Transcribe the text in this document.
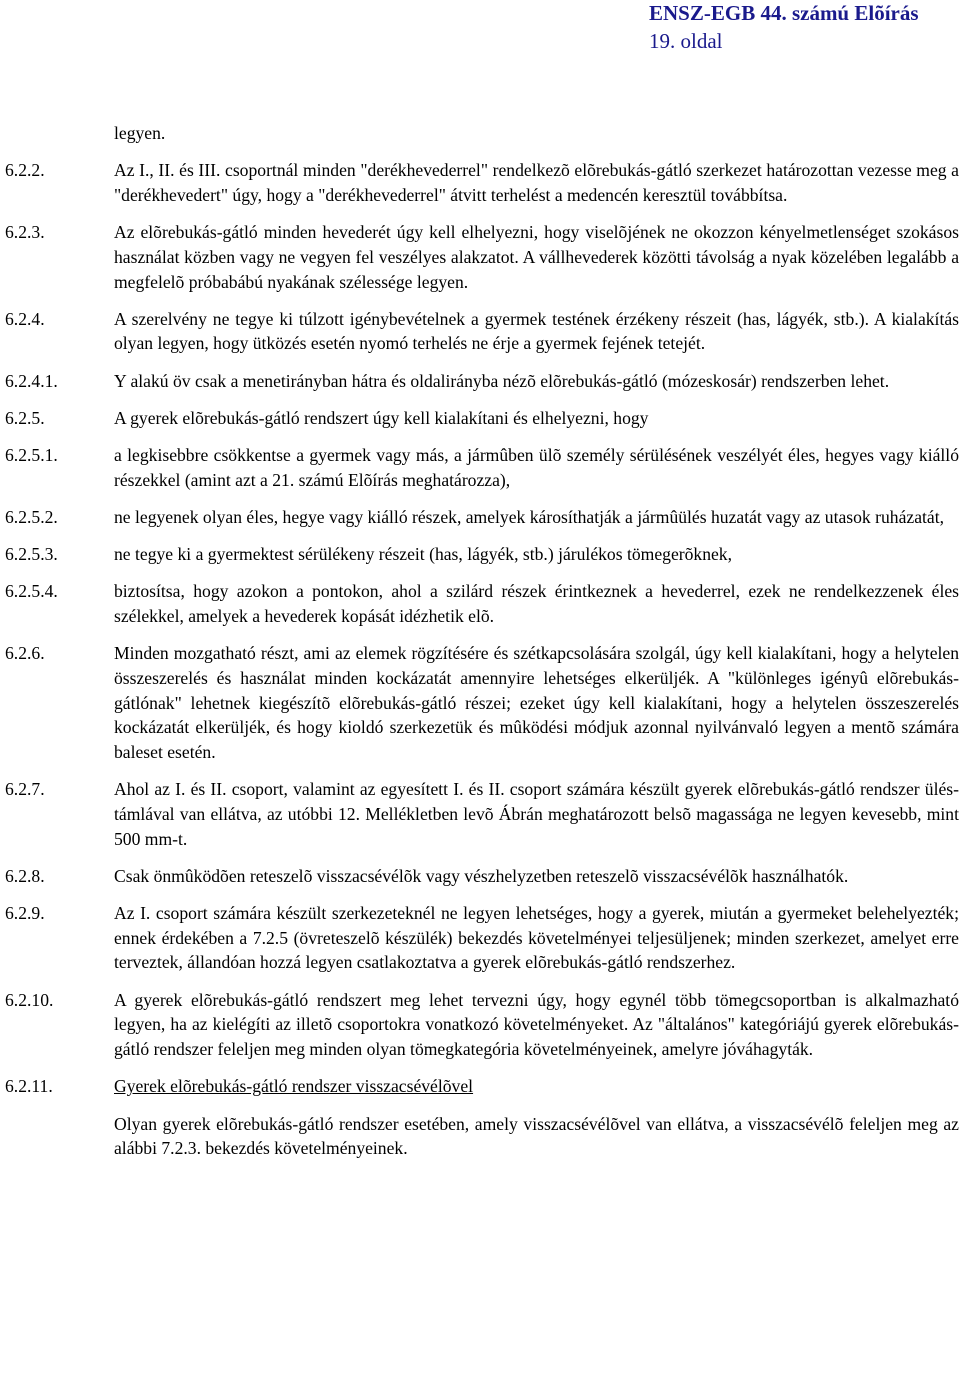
ENSZ-EGB 44. számú Elõírás
19. oldal

legyen.

6.2.2.	Az I., II. és III. csoportnál minden "derékhevederrel" rendelkezõ elõrebukás-gátló szerkezet határozottan vezesse meg a "derékhevedert" úgy, hogy a "derékhevederrel" átvitt terhelést a medencén keresztül továbbítsa.

6.2.3.	Az elõrebukás-gátló minden hevederét úgy kell elhelyezni, hogy viselõjének ne okozzon kényelmetlenséget szokásos használat közben vagy ne vegyen fel veszélyes alakzatot. A vállhevederek közötti távolság a nyak közelében legalább a megfelelõ próbabábú nyakának szélessége legyen.

6.2.4.	A szerelvény ne tegye ki túlzott igénybevételnek a gyermek testének érzékeny részeit (has, lágyék, stb.). A kialakítás olyan legyen, hogy ütközés esetén nyomó terhelés ne érje a gyermek fejének tetejét.

6.2.4.1.	Y alakú öv csak a menetirányban hátra és oldalirányba nézõ elõrebukás-gátló (mózeskosár) rendszerben lehet.

6.2.5.	A gyerek elõrebukás-gátló rendszert úgy kell kialakítani és elhelyezni, hogy

6.2.5.1.	a legkisebbre csökkentse a gyermek vagy más, a jármûben ülõ személy sérülésének veszélyét éles, hegyes vagy kiálló részekkel (amint azt a 21. számú Elõírás meghatározza),

6.2.5.2.	ne legyenek olyan éles, hegye vagy kiálló részek, amelyek károsíthatják a jármûülés huzatát vagy az utasok ruházatát,

6.2.5.3.	ne tegye ki a gyermektest sérülékeny részeit (has, lágyék, stb.) járulékos tömegerõknek,

6.2.5.4.	biztosítsa, hogy azokon a pontokon, ahol a szilárd részek érintkeznek a hevederrel, ezek ne rendelkezzenek éles szélekkel, amelyek a hevederek kopását idézhetik elõ.

6.2.6.	Minden mozgatható részt, ami az elemek rögzítésére és szétkapcsolására szolgál, úgy kell kialakítani, hogy a helytelen összeszerelés és használat minden kockázatát amennyire lehetséges elkerüljék. A "különleges igényû elõrebukás-gátlónak" lehetnek kiegészítõ elõrebukás-gátló részei; ezeket úgy kell kialakítani, hogy a helytelen összeszerelés kockázatát elkerüljék, és hogy kioldó szerkezetük és mûködési módjuk azonnal nyilvánvaló legyen a mentõ számára baleset esetén.

6.2.7.	Ahol az I. és II. csoport, valamint az egyesített I. és II. csoport számára készült gyerek elõrebukás-gátló rendszer üléstámlával van ellátva, az utóbbi 12. Mellékletben levõ Ábrán meghatározott belsõ magassága ne legyen kevesebb, mint 500 mm-t.

6.2.8.	Csak önmûködõen reteszelõ visszacsévélõk vagy vészhelyzetben reteszelõ visszacsévélõk használhatók.

6.2.9.	Az I. csoport számára készült szerkezeteknél ne legyen lehetséges, hogy a gyerek, miután a gyermeket belehelyezték; ennek érdekében a 7.2.5 (övreteszelõ készülék) bekezdés követelményei teljesüljenek; minden szerkezet, amelyet erre terveztek, állandóan hozzá legyen csatlakoztatva a gyerek elõrebukás-gátló rendszerhez.

6.2.10.	A gyerek elõrebukás-gátló rendszert meg lehet tervezni úgy, hogy egynél több tömegcsoportban is alkalmazható legyen, ha az kielégíti az illetõ csoportokra vonatkozó követelményeket. Az "általános" kategóriájú gyerek elõrebukás-gátló rendszer feleljen meg minden olyan tömegkategória követelményeinek, amelyre jóváhagyták.

6.2.11.	Gyerek elõrebukás-gátló rendszer visszacsévélõvel

Olyan gyerek elõrebukás-gátló rendszer esetében, amely visszacsévélõvel van ellátva, a visszacsévélõ feleljen meg az alábbi 7.2.3. bekezdés követelményeinek.
